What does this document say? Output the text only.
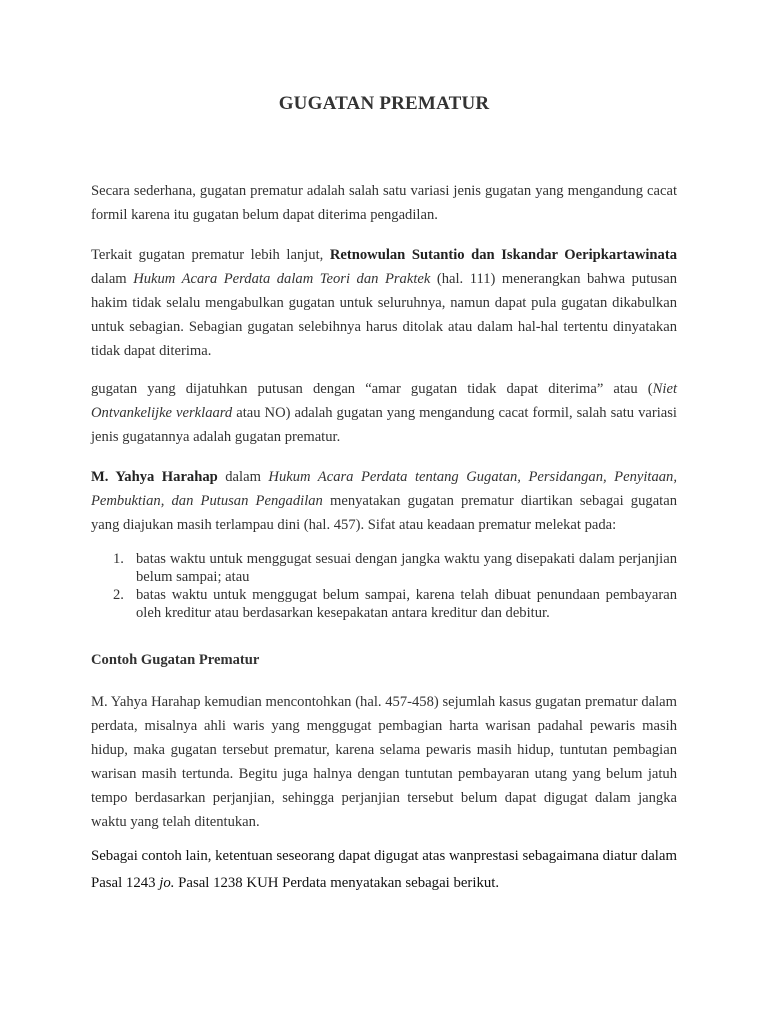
GUGATAN PREMATUR

Secara sederhana, gugatan prematur adalah salah satu variasi jenis gugatan yang mengandung cacat formil karena itu gugatan belum dapat diterima pengadilan.

Terkait gugatan prematur lebih lanjut, Retnowulan Sutantio dan Iskandar Oeripkartawinata dalam Hukum Acara Perdata dalam Teori dan Praktek (hal. 111) menerangkan bahwa putusan hakim tidak selalu mengabulkan gugatan untuk seluruhnya, namun dapat pula gugatan dikabulkan untuk sebagian. Sebagian gugatan selebihnya harus ditolak atau dalam hal-hal tertentu dinyatakan tidak dapat diterima.

gugatan yang dijatuhkan putusan dengan “amar gugatan tidak dapat diterima” atau (Niet Ontvankelijke verklaard atau NO) adalah gugatan yang mengandung cacat formil, salah satu variasi jenis gugatannya adalah gugatan prematur.

M. Yahya Harahap dalam Hukum Acara Perdata tentang Gugatan, Persidangan, Penyitaan, Pembuktian, dan Putusan Pengadilan menyatakan gugatan prematur diartikan sebagai gugatan yang diajukan masih terlampau dini (hal. 457). Sifat atau keadaan prematur melekat pada:

1. batas waktu untuk menggugat sesuai dengan jangka waktu yang disepakati dalam perjanjian belum sampai; atau
2. batas waktu untuk menggugat belum sampai, karena telah dibuat penundaan pembayaran oleh kreditur atau berdasarkan kesepakatan antara kreditur dan debitur.
Contoh Gugatan Prematur

M. Yahya Harahap kemudian mencontohkan (hal. 457-458) sejumlah kasus gugatan prematur dalam perdata, misalnya ahli waris yang menggugat pembagian harta warisan padahal pewaris masih hidup, maka gugatan tersebut prematur, karena selama pewaris masih hidup, tuntutan pembagian warisan masih tertunda. Begitu juga halnya dengan tuntutan pembayaran utang yang belum jatuh tempo berdasarkan perjanjian, sehingga perjanjian tersebut belum dapat digugat dalam jangka waktu yang telah ditentukan.

Sebagai contoh lain, ketentuan seseorang dapat digugat atas wanprestasi sebagaimana diatur dalam Pasal 1243 jo. Pasal 1238 KUH Perdata menyatakan sebagai berikut.
